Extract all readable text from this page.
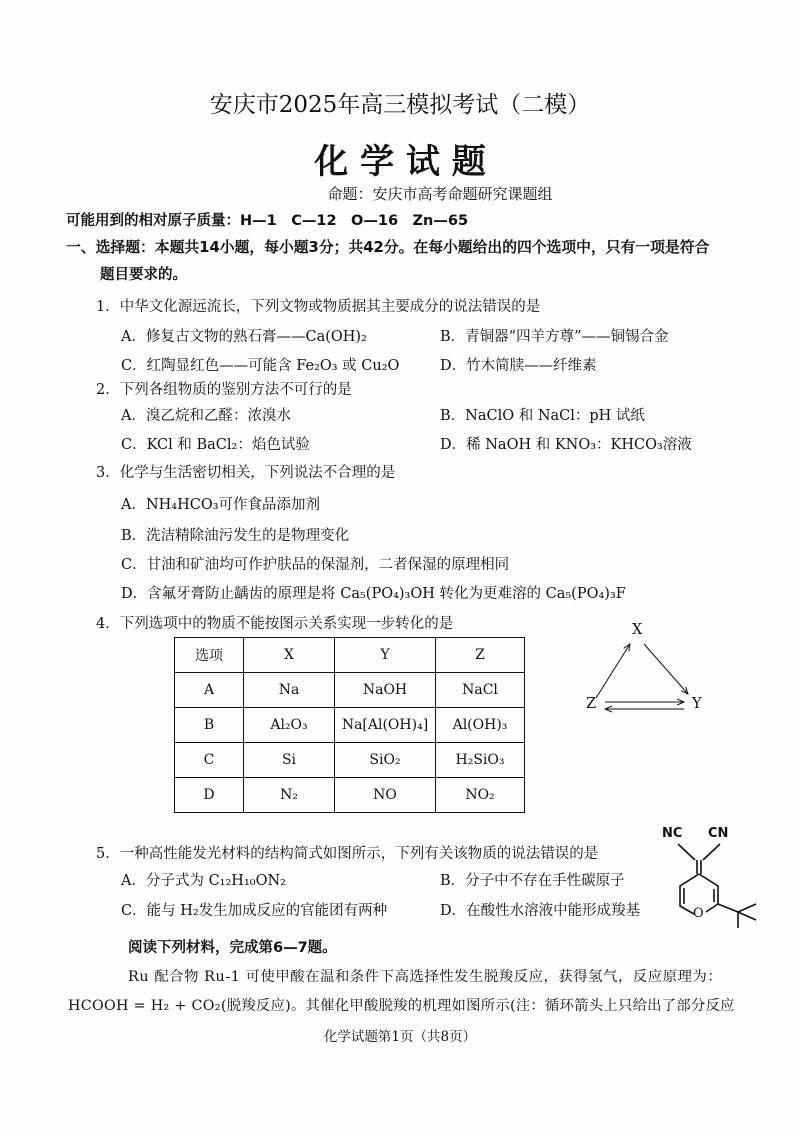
安庆市2025年高三模拟考试（二模）
化 学 试 题
命题：安庆市高考命题研究课题组
可能用到的相对原子质量：H—1　C—12　O—16　Zn—65
一、选择题：本题共14小题，每小题3分；共42分。在每小题给出的四个选项中，只有一项是符合
题目要求的。
1．中华文化源远流长，下列文物或物质据其主要成分的说法错误的是
A．修复古文物的熟石膏——Ca(OH)₂	B．青铜器“四羊方尊”——铜锡合金
C．红陶显红色——可能含 Fe₂O₃ 或 Cu₂O	D．竹木简牍——纤维素
2．下列各组物质的鉴别方法不可行的是
A．溴乙烷和乙醛：浓溴水	B．NaClO 和 NaCl：pH 试纸
C．KCl 和 BaCl₂：焰色试验	D．稀 NaOH 和 KNO₃：KHCO₃溶液
3．化学与生活密切相关，下列说法不合理的是
A．NH₄HCO₃可作食品添加剂
B．洗洁精除油污发生的是物理变化
C．甘油和矿油均可作护肤品的保湿剂，二者保湿的原理相同
D．含氟牙膏防止龋齿的原理是将 Ca₅(PO₄)₃OH 转化为更难溶的 Ca₅(PO₄)₃F
4．下列选项中的物质不能按图示关系实现一步转化的是
选项	X	Y	Z
A	Na	NaOH	NaCl
B	Al₂O₃	Na[Al(OH)₄]	Al(OH)₃
C	Si	SiO₂	H₂SiO₃
D	N₂	NO	NO₂
X
Z	Y
5．一种高性能发光材料的结构简式如图所示，下列有关该物质的说法错误的是
A．分子式为 C₁₂H₁₀ON₂	B．分子中不存在手性碳原子
C．能与 H₂发生加成反应的官能团有两种	D．在酸性水溶液中能形成羧基
NC CN
O
阅读下列材料，完成第6—7题。
Ru 配合物 Ru-1 可使甲酸在温和条件下高选择性发生脱羧反应，获得氢气，反应原理为：
HCOOH = H₂ + CO₂(脱羧反应)。其催化甲酸脱羧的机理如图所示(注：循环箭头上只给出了部分反应
化学试题第1页（共8页）
